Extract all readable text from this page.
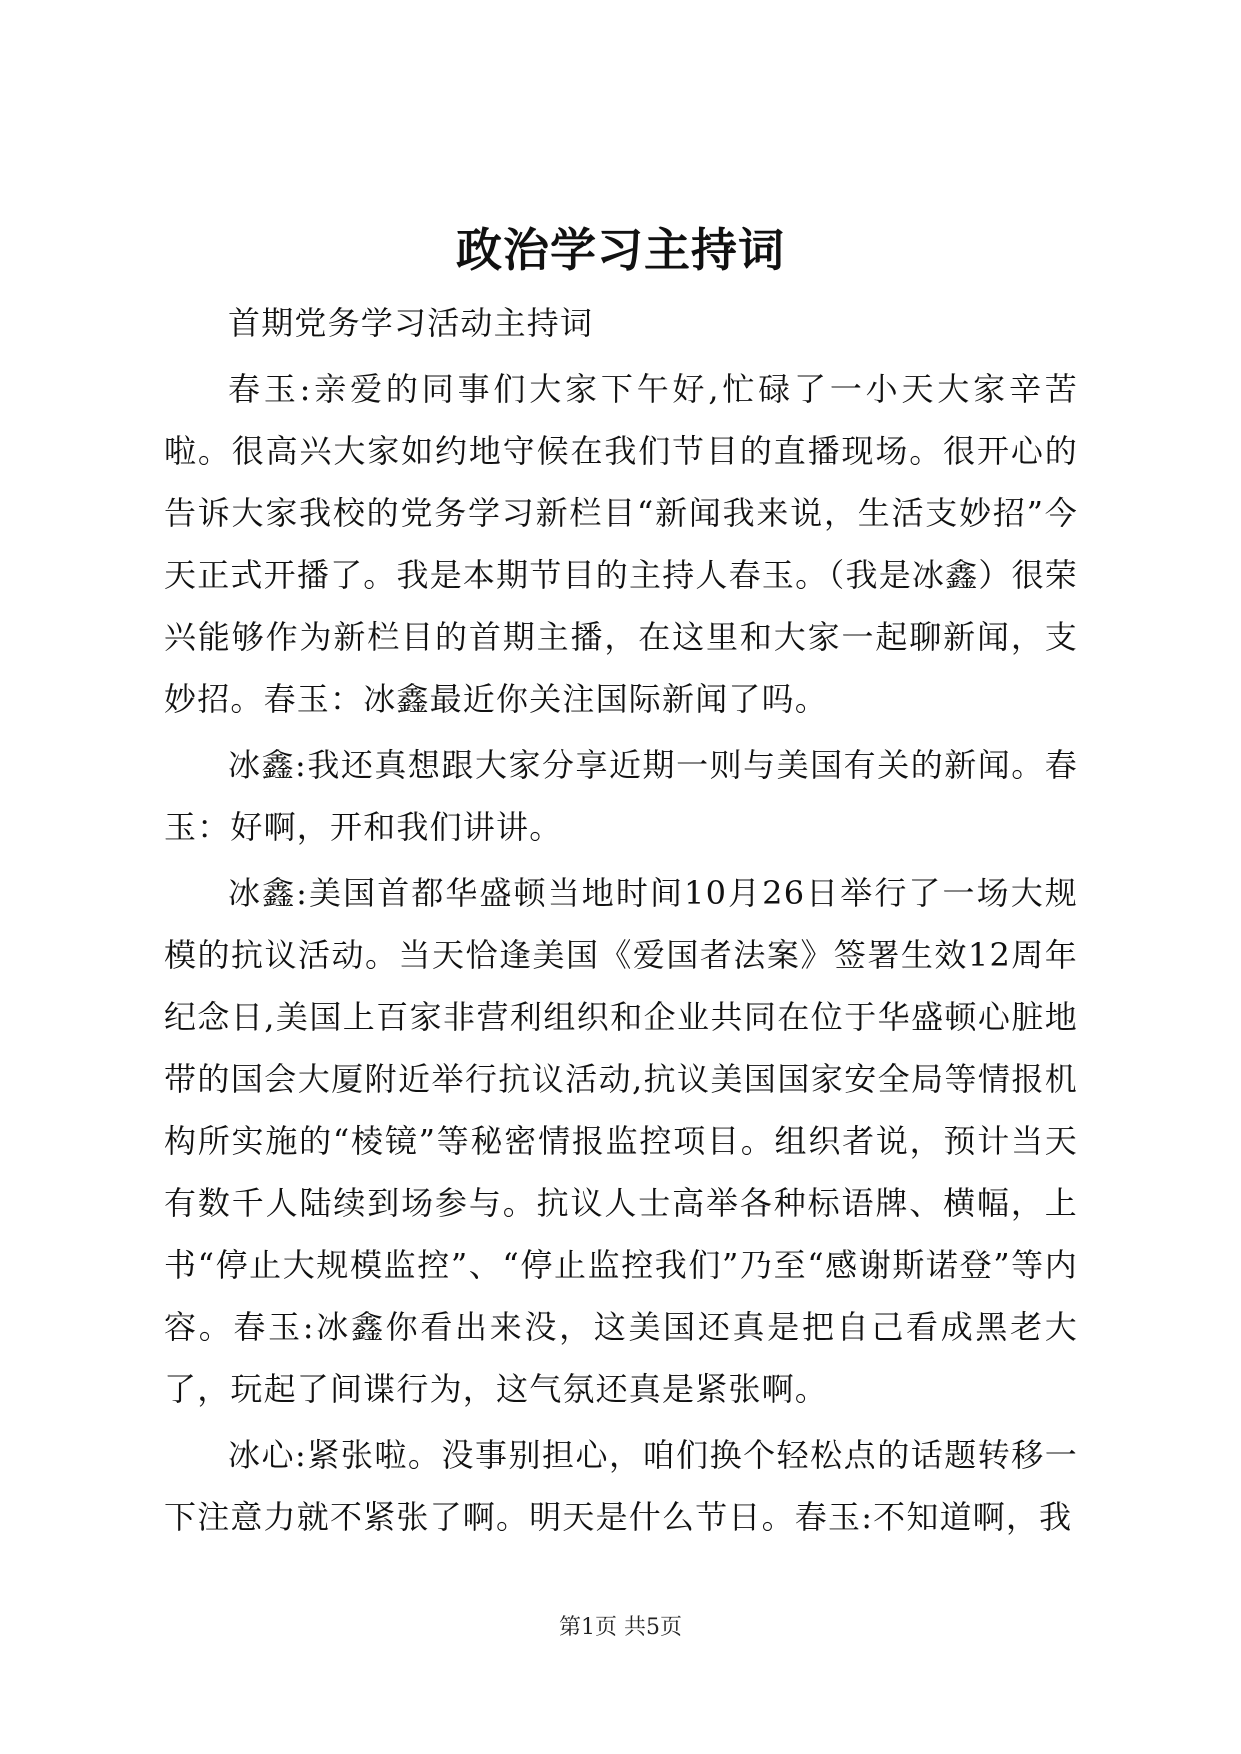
政治学习主持词

首期党务学习活动主持词

春玉:亲爱的同事们大家下午好,忙碌了一小天大家辛苦啦。很高兴大家如约地守候在我们节目的直播现场。很开心的告诉大家我校的党务学习新栏目“新闻我来说，生活支妙招”今天正式开播了。我是本期节目的主持人春玉。（我是冰鑫）很荣兴能够作为新栏目的首期主播，在这里和大家一起聊新闻，支妙招。春玉：冰鑫最近你关注国际新闻了吗。

冰鑫:我还真想跟大家分享近期一则与美国有关的新闻。春玉：好啊，开和我们讲讲。

冰鑫:美国首都华盛顿当地时间10月26日举行了一场大规模的抗议活动。当天恰逢美国《爱国者法案》签署生效12周年纪念日,美国上百家非营利组织和企业共同在位于华盛顿心脏地带的国会大厦附近举行抗议活动,抗议美国国家安全局等情报机构所实施的“棱镜”等秘密情报监控项目。组织者说，预计当天有数千人陆续到场参与。抗议人士高举各种标语牌、横幅，上书“停止大规模监控”、“停止监控我们”乃至“感谢斯诺登”等内容。春玉:冰鑫你看出来没，这美国还真是把自己看成黑老大了，玩起了间谍行为，这气氛还真是紧张啊。

冰心:紧张啦。没事别担心，咱们换个轻松点的话题转移一下注意力就不紧张了啊。明天是什么节日。春玉:不知道啊，我

第1页 共5页
